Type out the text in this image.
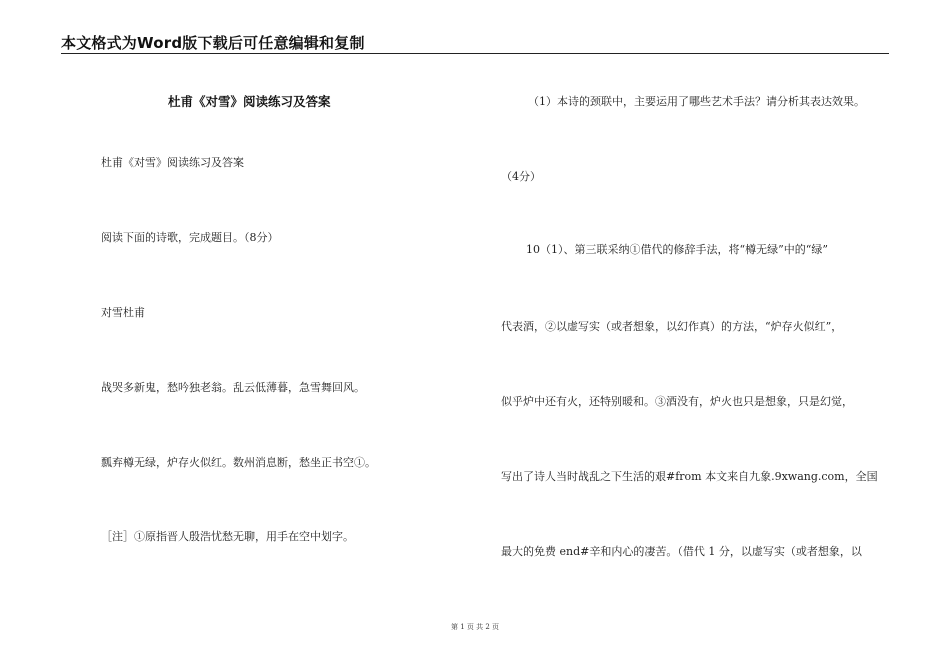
本文格式为Word版下载后可任意编辑和复制
杜甫《对雪》阅读练习及答案
杜甫《对雪》阅读练习及答案
阅读下面的诗歌，完成题目。（8分）
对雪杜甫
战哭多新鬼，愁吟独老翁。乱云低薄暮，急雪舞回风。
瓢弃樽无绿，炉存火似红。数州消息断，愁坐正书空①。
［注］①原指晋人殷浩忧愁无聊，用手在空中划字。
（1）本诗的颈联中，主要运用了哪些艺术手法？请分析其表达效果。
（4分）
10（1）、第三联采纳①借代的修辞手法，将“樽无绿”中的“绿”
代表酒，②以虚写实（或者想象，以幻作真）的方法，“炉存火似红”，
似乎炉中还有火，还特别暖和。③酒没有，炉火也只是想象，只是幻觉，
写出了诗人当时战乱之下生活的艰#from 本文来自九象.9xwang.com，全国
最大的免费 end#辛和内心的凄苦。（借代 1 分，以虚写实（或者想象，以
第 1 页 共 2 页
